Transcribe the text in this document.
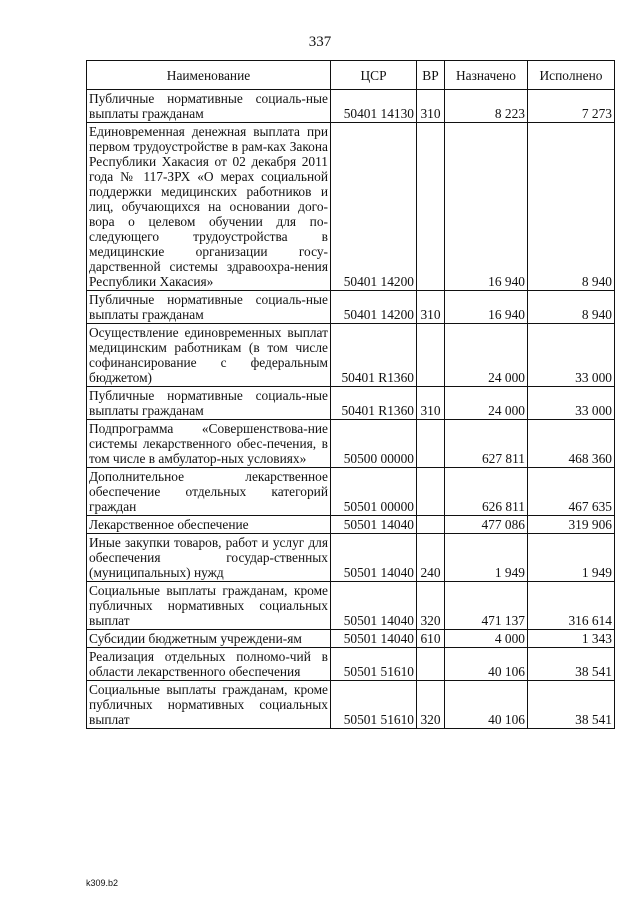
337
Наименование	ЦСР	ВР	Назначено	Исполнено
Публичные нормативные социаль-ные выплаты гражданам	50401 14130	310	8 223	7 273
Единовременная денежная выплата при первом трудоустройстве в рам-ках Закона Республики Хакасия от 02 декабря 2011 года № 117-ЗРХ «О мерах социальной поддержки медицинских работников и лиц, обучающихся на основании дого-вора о целевом обучении для по-следующего трудоустройства в медицинские организации госу-дарственной системы здравоохра-нения Республики Хакасия»	50401 14200		16 940	8 940
Публичные нормативные социаль-ные выплаты гражданам	50401 14200	310	16 940	8 940
Осуществление единовременных выплат медицинским работникам (в том числе софинансирование с федеральным бюджетом)	50401 R1360		24 000	33 000
Публичные нормативные социаль-ные выплаты гражданам	50401 R1360	310	24 000	33 000
Подпрограмма «Совершенствова-ние системы лекарственного обес-печения, в том числе в амбулатор-ных условиях»	50500 00000		627 811	468 360
Дополнительное лекарственное обеспечение отдельных категорий граждан	50501 00000		626 811	467 635
Лекарственное обеспечение	50501 14040		477 086	319 906
Иные закупки товаров, работ и услуг для обеспечения государ-ственных (муниципальных) нужд	50501 14040	240	1 949	1 949
Социальные выплаты гражданам, кроме публичных нормативных социальных выплат	50501 14040	320	471 137	316 614
Субсидии бюджетным учреждени-ям	50501 14040	610	4 000	1 343
Реализация отдельных полномо-чий в области лекарственного обеспечения	50501 51610		40 106	38 541
Социальные выплаты гражданам, кроме публичных нормативных социальных выплат	50501 51610	320	40 106	38 541
k309.b2
